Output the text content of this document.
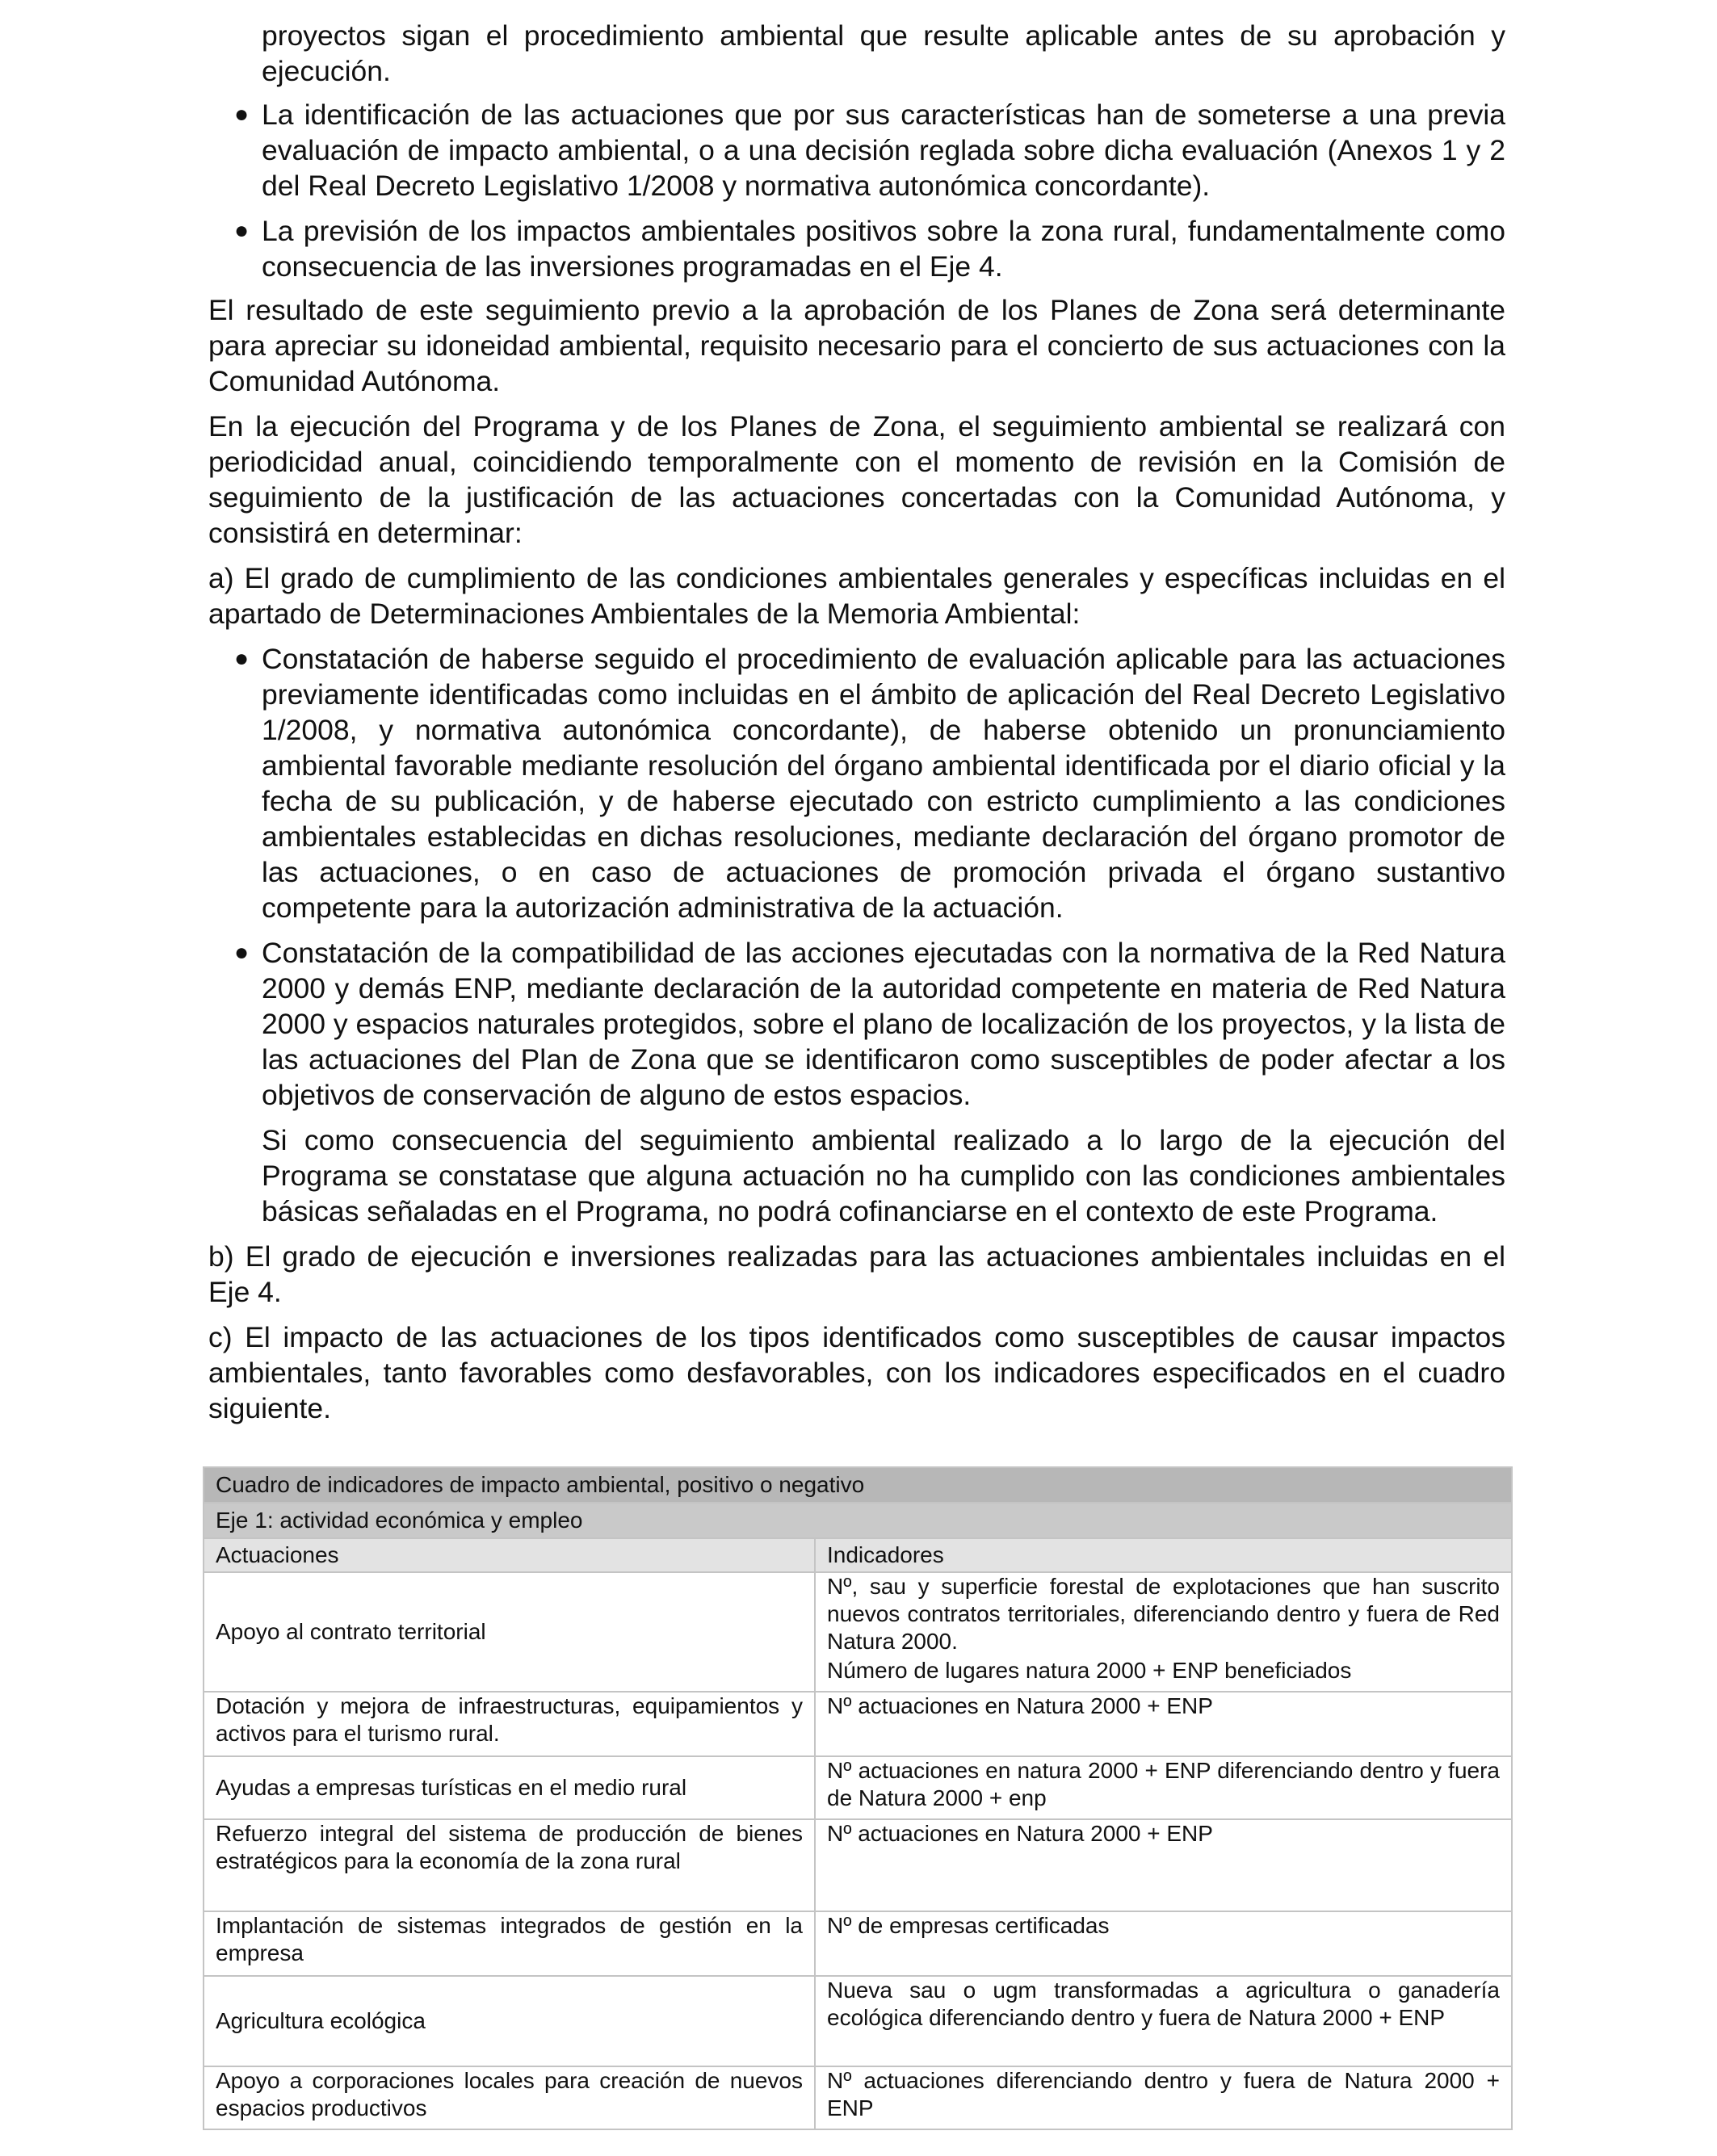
proyectos sigan el procedimiento ambiental que resulte aplicable antes de su aprobación y ejecución.

● La identificación de las actuaciones que por sus características han de someterse a una previa evaluación de impacto ambiental, o a una decisión reglada sobre dicha evaluación (Anexos 1 y 2 del Real Decreto Legislativo 1/2008 y normativa autonómica concordante).
● La previsión de los impactos ambientales positivos sobre la zona rural, fundamentalmente como consecuencia de las inversiones programadas en el Eje 4.

El resultado de este seguimiento previo a la aprobación de los Planes de Zona será determinante para apreciar su idoneidad ambiental, requisito necesario para el concierto de sus actuaciones con la Comunidad Autónoma.

En la ejecución del Programa y de los Planes de Zona, el seguimiento ambiental se realizará con periodicidad anual, coincidiendo temporalmente con el momento de revisión en la Comisión de seguimiento de la justificación de las actuaciones concertadas con la Comunidad Autónoma, y consistirá en determinar:

a) El grado de cumplimiento de las condiciones ambientales generales y específicas incluidas en el apartado de Determinaciones Ambientales de la Memoria Ambiental:

● Constatación de haberse seguido el procedimiento de evaluación aplicable para las actuaciones previamente identificadas como incluidas en el ámbito de aplicación del Real Decreto Legislativo 1/2008, y normativa autonómica concordante), de haberse obtenido un pronunciamiento ambiental favorable mediante resolución del órgano ambiental identificada por el diario oficial y la fecha de su publicación, y de haberse ejecutado con estricto cumplimiento a las condiciones ambientales establecidas en dichas resoluciones, mediante declaración del órgano promotor de las actuaciones, o en caso de actuaciones de promoción privada el órgano sustantivo competente para la autorización administrativa de la actuación.
● Constatación de la compatibilidad de las acciones ejecutadas con la normativa de la Red Natura 2000 y demás ENP, mediante declaración de la autoridad competente en materia de Red Natura 2000 y espacios naturales protegidos, sobre el plano de localización de los proyectos, y la lista de las actuaciones del Plan de Zona que se identificaron como susceptibles de poder afectar a los objetivos de conservación de alguno de estos espacios.

Si como consecuencia del seguimiento ambiental realizado a lo largo de la ejecución del Programa se constatase que alguna actuación no ha cumplido con las condiciones ambientales básicas señaladas en el Programa, no podrá cofinanciarse en el contexto de este Programa.

b) El grado de ejecución e inversiones realizadas para las actuaciones ambientales incluidas en el Eje 4.

c) El impacto de las actuaciones de los tipos identificados como susceptibles de causar impactos ambientales, tanto favorables como desfavorables, con los indicadores especificados en el cuadro siguiente.

Cuadro de indicadores de impacto ambiental, positivo o negativo	
Eje 1: actividad económica y empleo	
Actuaciones	Indicadores
Apoyo al contrato territorial	Nº, sau y superficie forestal de explotaciones que han suscrito nuevos contratos territoriales, diferenciando dentro y fuera de Red Natura 2000.
Número de lugares natura 2000 + ENP beneficiados

Dotación y mejora de infraestructuras, equipamientos y activos para el turismo rural.	Nº actuaciones en Natura 2000 + ENP
Ayudas a empresas turísticas en el medio rural	Nº actuaciones en natura 2000 + ENP diferenciando dentro y fuera de Natura 2000 + enp
Refuerzo integral del sistema de producción de bienes estratégicos para la economía de la zona rural	Nº actuaciones en Natura 2000 + ENP
Implantación de sistemas integrados de gestión en la empresa	Nº de empresas certificadas
Agricultura ecológica	Nueva sau o ugm transformadas a agricultura o ganadería ecológica diferenciando dentro y fuera de Natura 2000 + ENP
Apoyo a corporaciones locales para creación de nuevos espacios productivos	Nº actuaciones diferenciando dentro y fuera de Natura 2000 + ENP
